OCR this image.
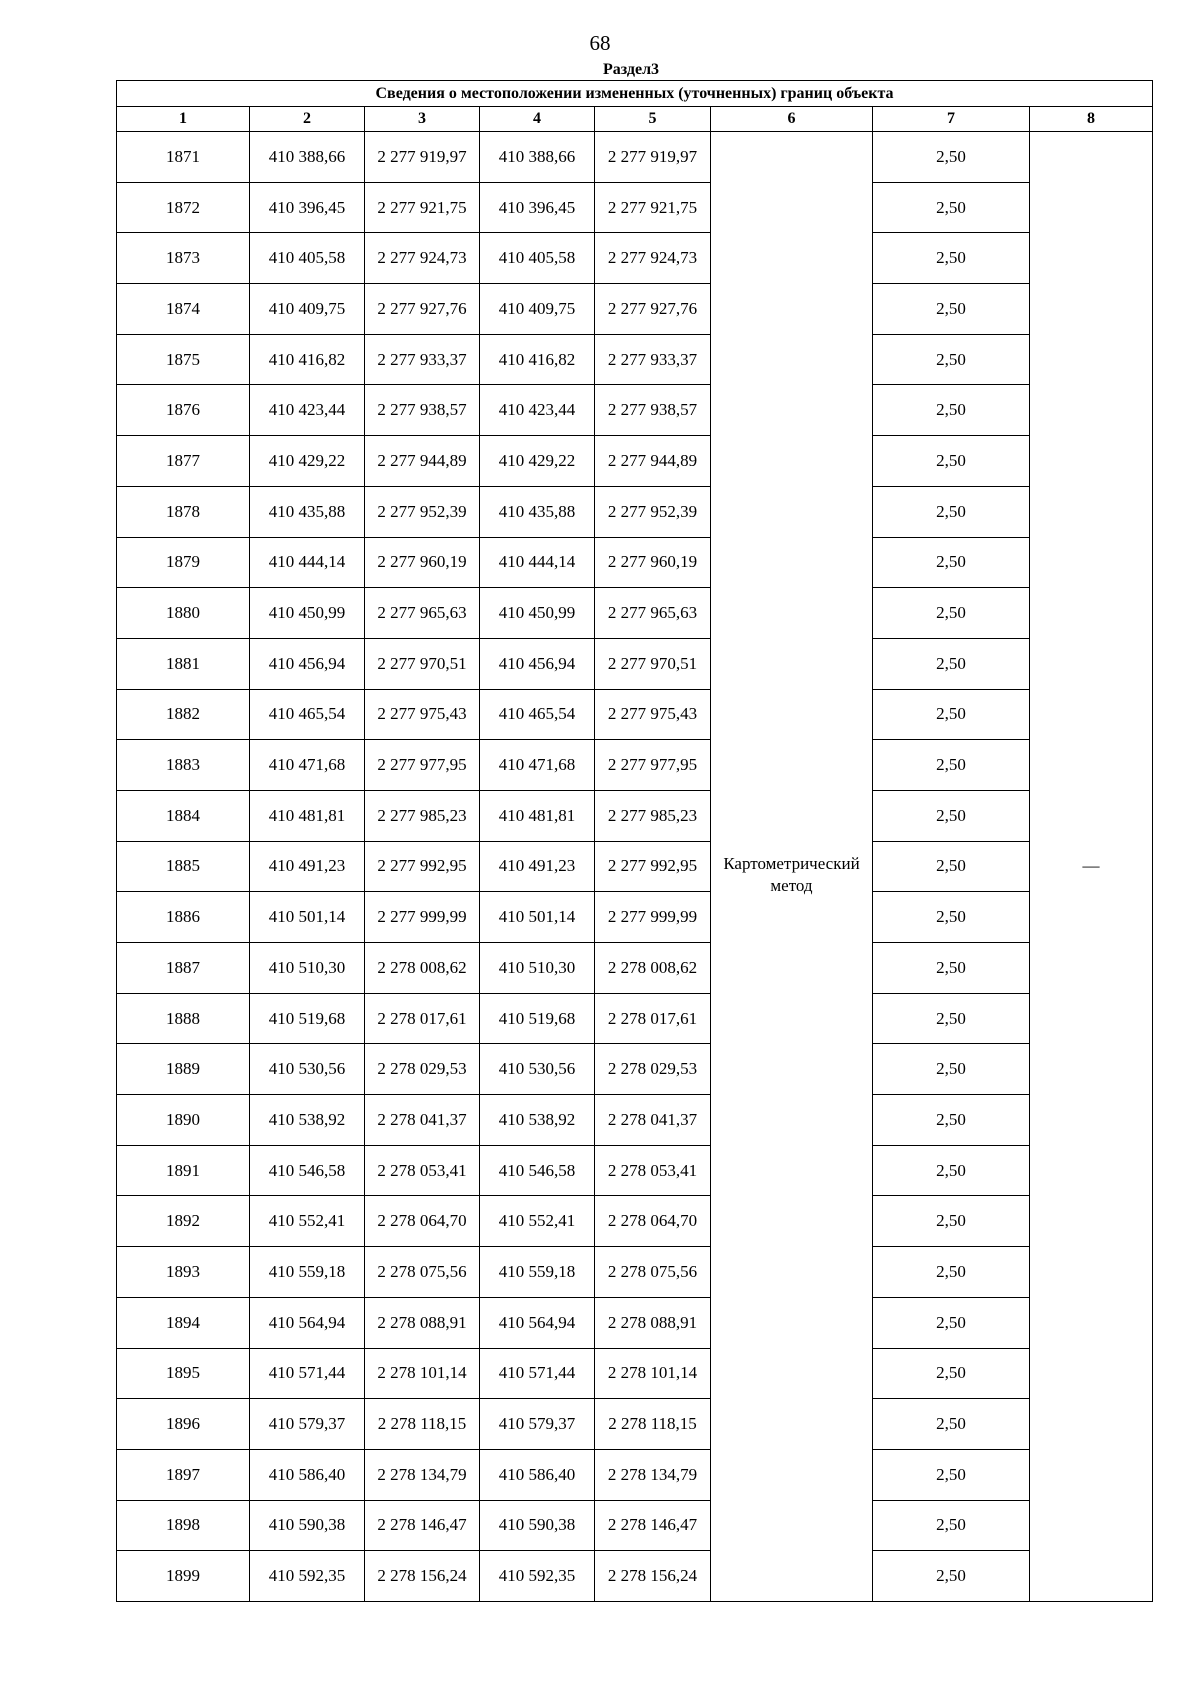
68
Раздел3
Сведения о местоположении измененных (уточненных) границ объекта							
1	2	3	4	5	6	7	8
1871	410 388,66	2 277 919,97	410 388,66	2 277 919,97	Картометрический метод	2,50	—
1872	410 396,45	2 277 921,75	410 396,45	2 277 921,75		2,50	
1873	410 405,58	2 277 924,73	410 405,58	2 277 924,73		2,50	
1874	410 409,75	2 277 927,76	410 409,75	2 277 927,76		2,50	
1875	410 416,82	2 277 933,37	410 416,82	2 277 933,37		2,50	
1876	410 423,44	2 277 938,57	410 423,44	2 277 938,57		2,50	
1877	410 429,22	2 277 944,89	410 429,22	2 277 944,89		2,50	
1878	410 435,88	2 277 952,39	410 435,88	2 277 952,39		2,50	
1879	410 444,14	2 277 960,19	410 444,14	2 277 960,19		2,50	
1880	410 450,99	2 277 965,63	410 450,99	2 277 965,63		2,50	
1881	410 456,94	2 277 970,51	410 456,94	2 277 970,51		2,50	
1882	410 465,54	2 277 975,43	410 465,54	2 277 975,43		2,50	
1883	410 471,68	2 277 977,95	410 471,68	2 277 977,95		2,50	
1884	410 481,81	2 277 985,23	410 481,81	2 277 985,23		2,50	
1885	410 491,23	2 277 992,95	410 491,23	2 277 992,95		2,50	
1886	410 501,14	2 277 999,99	410 501,14	2 277 999,99		2,50	
1887	410 510,30	2 278 008,62	410 510,30	2 278 008,62		2,50	
1888	410 519,68	2 278 017,61	410 519,68	2 278 017,61		2,50	
1889	410 530,56	2 278 029,53	410 530,56	2 278 029,53		2,50	
1890	410 538,92	2 278 041,37	410 538,92	2 278 041,37		2,50	
1891	410 546,58	2 278 053,41	410 546,58	2 278 053,41		2,50	
1892	410 552,41	2 278 064,70	410 552,41	2 278 064,70		2,50	
1893	410 559,18	2 278 075,56	410 559,18	2 278 075,56		2,50	
1894	410 564,94	2 278 088,91	410 564,94	2 278 088,91		2,50	
1895	410 571,44	2 278 101,14	410 571,44	2 278 101,14		2,50	
1896	410 579,37	2 278 118,15	410 579,37	2 278 118,15		2,50	
1897	410 586,40	2 278 134,79	410 586,40	2 278 134,79		2,50	
1898	410 590,38	2 278 146,47	410 590,38	2 278 146,47		2,50	
1899	410 592,35	2 278 156,24	410 592,35	2 278 156,24		2,50	
